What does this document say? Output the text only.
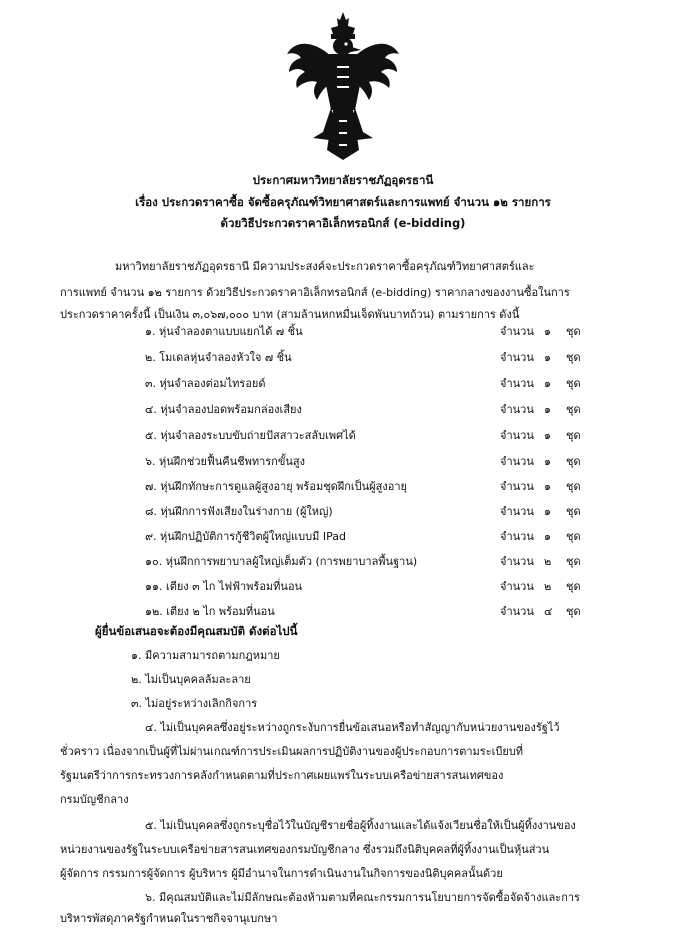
ประกาศมหาวิทยาลัยราชภัฏอุดรธานี
เรื่อง ประกวดราคาซื้อ จัดซื้อครุภัณฑ์วิทยาศาสตร์และการแพทย์ จำนวน ๑๒ รายการ
ด้วยวิธีประกวดราคาอิเล็กทรอนิกส์ (e-bidding)
มหาวิทยาลัยราชภัฏอุดรธานี มีความประสงค์จะประกวดราคาซื้อครุภัณฑ์วิทยาศาสตร์และ
การแพทย์ จำนวน ๑๒ รายการ ด้วยวิธีประกวดราคาอิเล็กทรอนิกส์ (e-bidding) ราคากลางของงานซื้อในการ
ประกวดราคาครั้งนี้ เป็นเงิน ๓,๐๖๗,๐๐๐ บาท (สามล้านหกหมื่นเจ็ดพันบาทถ้วน) ตามรายการ ดังนี้
๑. หุ่นจำลองตาแบบแยกได้ ๗ ชิ้น	จำนวน ๑ ชุด
๒. โมเดลหุ่นจำลองหัวใจ ๗ ชิ้น	จำนวน ๑ ชุด
๓. หุ่นจำลองต่อมไทรอยด์	จำนวน ๑ ชุด
๔. หุ่นจำลองปอดพร้อมกล่องเสียง	จำนวน ๑ ชุด
๕. หุ่นจำลองระบบขับถ่ายปัสสาวะสลับเพศได้	จำนวน ๑ ชุด
๖. หุ่นฝึกช่วยฟื้นคืนชีพทารกขั้นสูง	จำนวน ๑ ชุด
๗. หุ่นฝึกทักษะการดูแลผู้สูงอายุ พร้อมชุดฝึกเป็นผู้สูงอายุ	จำนวน ๑ ชุด
๘. หุ่นฝึกการฟังเสียงในร่างกาย (ผู้ใหญ่)	จำนวน ๑ ชุด
๙. หุ่นฝึกปฏิบัติการกู้ชีวิตผู้ใหญ่แบบมี IPad	จำนวน ๑ ชุด
๑๐. หุ่นฝึกการพยาบาลผู้ใหญ่เต็มตัว (การพยาบาลพื้นฐาน)	จำนวน ๒ ชุด
๑๑. เตียง ๓ ไก ไฟฟ้าพร้อมที่นอน	จำนวน ๒ ชุด
๑๒. เตียง ๒ ไก พร้อมที่นอน	จำนวน ๔ ชุด
ผู้ยื่นข้อเสนอจะต้องมีคุณสมบัติ ดังต่อไปนี้
๑. มีความสามารถตามกฎหมาย
๒. ไม่เป็นบุคคลล้มละลาย
๓. ไม่อยู่ระหว่างเลิกกิจการ
๔. ไม่เป็นบุคคลซึ่งอยู่ระหว่างถูกระงับการยื่นข้อเสนอหรือทำสัญญากับหน่วยงานของรัฐไว้
ชั่วคราว เนื่องจากเป็นผู้ที่ไม่ผ่านเกณฑ์การประเมินผลการปฏิบัติงานของผู้ประกอบการตามระเบียบที่
รัฐมนตรีว่าการกระทรวงการคลังกำหนดตามที่ประกาศเผยแพร่ในระบบเครือข่ายสารสนเทศของ
กรมบัญชีกลาง
๕. ไม่เป็นบุคคลซึ่งถูกระบุชื่อไว้ในบัญชีรายชื่อผู้ทิ้งงานและได้แจ้งเวียนชื่อให้เป็นผู้ทิ้งงานของ
หน่วยงานของรัฐในระบบเครือข่ายสารสนเทศของกรมบัญชีกลาง ซึ่งรวมถึงนิติบุคคลที่ผู้ทิ้งงานเป็นหุ้นส่วน
ผู้จัดการ กรรมการผู้จัดการ ผู้บริหาร ผู้มีอำนาจในการดำเนินงานในกิจการของนิติบุคคลนั้นด้วย
๖. มีคุณสมบัติและไม่มีลักษณะต้องห้ามตามที่คณะกรรมการนโยบายการจัดซื้อจัดจ้างและการ
บริหารพัสดุภาครัฐกำหนดในราชกิจจานุเบกษา
